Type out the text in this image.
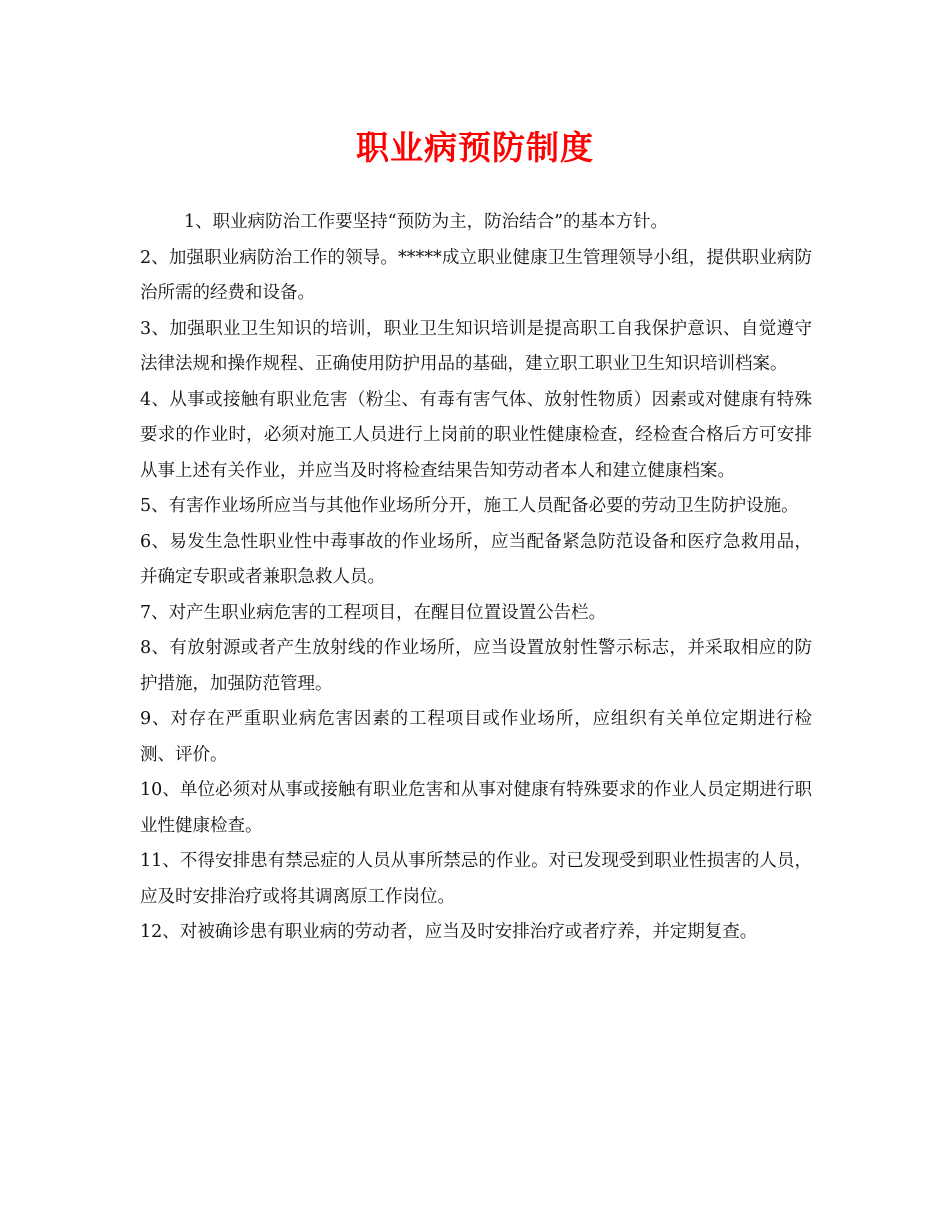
职业病预防制度

1、职业病防治工作要坚持“预防为主，防治结合”的基本方针。

2、加强职业病防治工作的领导。*****成立职业健康卫生管理领导小组，提供职业病防治所需的经费和设备。

3、加强职业卫生知识的培训，职业卫生知识培训是提高职工自我保护意识、自觉遵守法律法规和操作规程、正确使用防护用品的基础，建立职工职业卫生知识培训档案。

4、从事或接触有职业危害（粉尘、有毒有害气体、放射性物质）因素或对健康有特殊要求的作业时，必须对施工人员进行上岗前的职业性健康检查，经检查合格后方可安排从事上述有关作业，并应当及时将检查结果告知劳动者本人和建立健康档案。

5、有害作业场所应当与其他作业场所分开，施工人员配备必要的劳动卫生防护设施。

6、易发生急性职业性中毒事故的作业场所，应当配备紧急防范设备和医疗急救用品，并确定专职或者兼职急救人员。

7、对产生职业病危害的工程项目，在醒目位置设置公告栏。

8、有放射源或者产生放射线的作业场所，应当设置放射性警示标志，并采取相应的防护措施，加强防范管理。

9、对存在严重职业病危害因素的工程项目或作业场所，应组织有关单位定期进行检测、评价。

10、单位必须对从事或接触有职业危害和从事对健康有特殊要求的作业人员定期进行职业性健康检查。

11、不得安排患有禁忌症的人员从事所禁忌的作业。对已发现受到职业性损害的人员，应及时安排治疗或将其调离原工作岗位。

12、对被确诊患有职业病的劳动者，应当及时安排治疗或者疗养，并定期复查。
